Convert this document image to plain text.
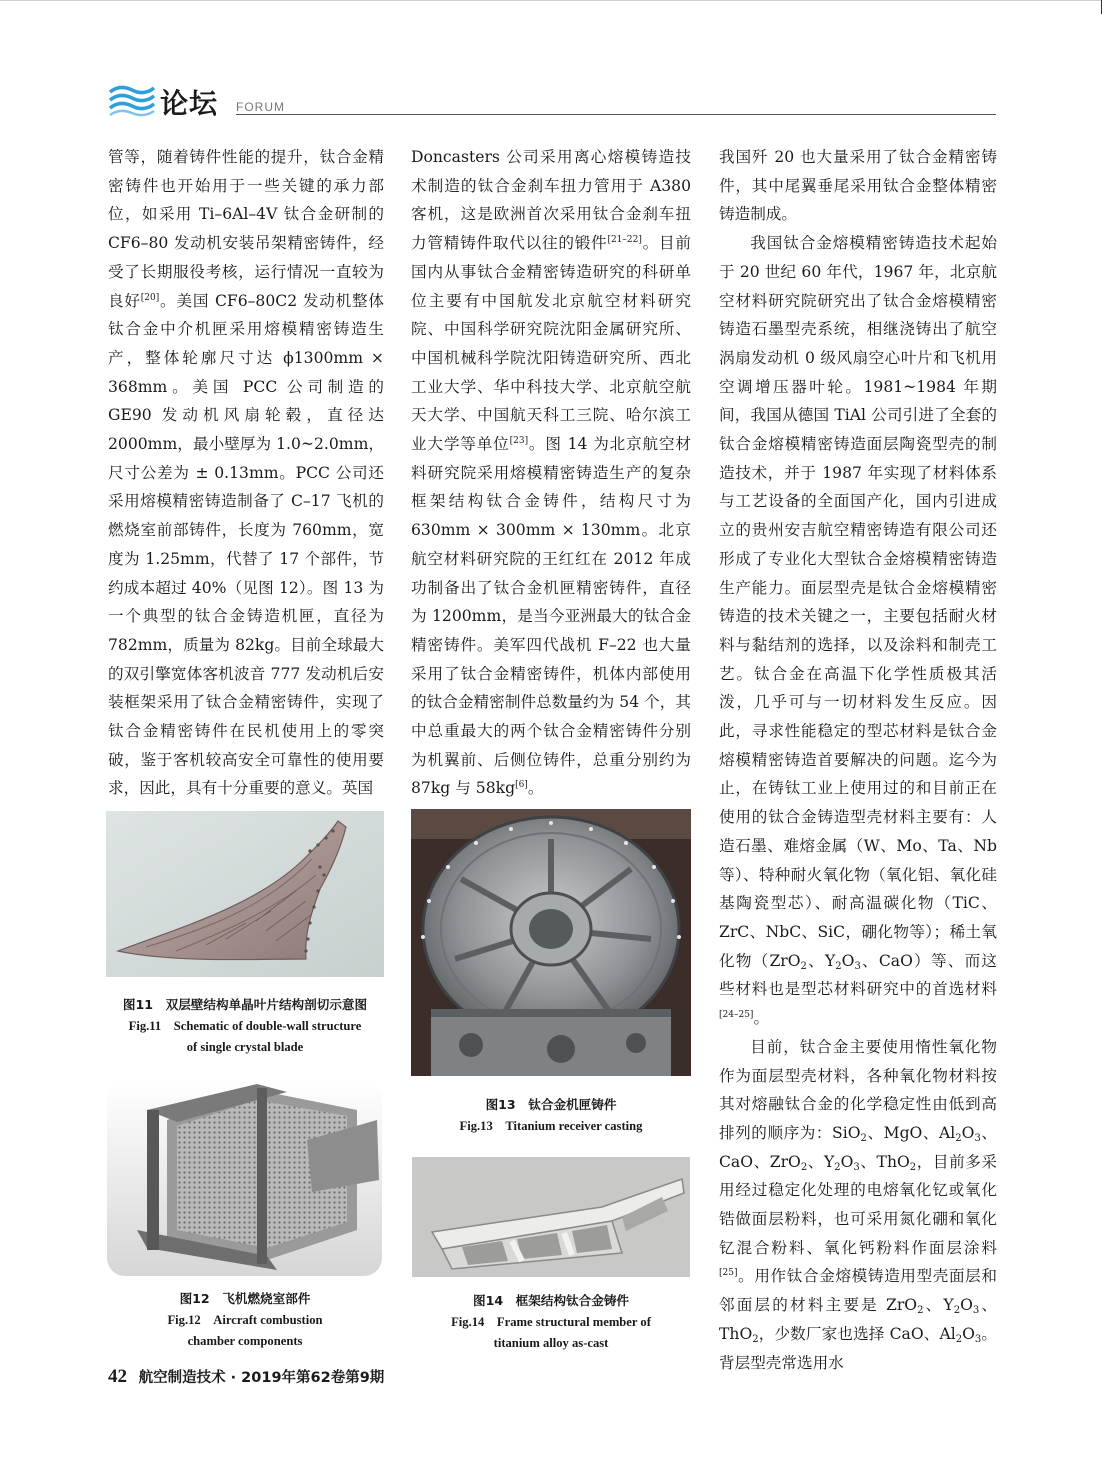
论坛 FORUM

管等，随着铸件性能的提升，钛合金精密铸件也开始用于一些关键的承力部位，如采用 Ti–6Al–4V 钛合金研制的 CF6–80 发动机安装吊架精密铸件，经受了长期服役考核，运行情况一直较为良好[20]。美国 CF6–80C2 发动机整体钛合金中介机匣采用熔模精密铸造生产，整体轮廓尺寸达 ϕ1300mm × 368mm。美国 PCC 公司制造的 GE90 发动机风扇轮毂，直径达 2000mm，最小壁厚为 1.0~2.0mm，尺寸公差为 ± 0.13mm。PCC 公司还采用熔模精密铸造制备了 C–17 飞机的燃烧室前部铸件，长度为 760mm，宽度为 1.25mm，代替了 17 个部件，节约成本超过 40%（见图 12）。图 13 为一个典型的钛合金铸造机匣，直径为 782mm，质量为 82kg。目前全球最大的双引擎宽体客机波音 777 发动机后安装框架采用了钛合金精密铸件，实现了钛合金精密铸件在民机使用上的零突破，鉴于客机较高安全可靠性的使用要求，因此，具有十分重要的意义。英国

Doncasters 公司采用离心熔模铸造技术制造的钛合金刹车扭力管用于 A380 客机，这是欧洲首次采用钛合金刹车扭力管精铸件取代以往的锻件[21–22]。目前国内从事钛合金精密铸造研究的科研单位主要有中国航发北京航空材料研究院、中国科学研究院沈阳金属研究所、中国机械科学院沈阳铸造研究所、西北工业大学、华中科技大学、北京航空航天大学、中国航天科工三院、哈尔滨工业大学等单位[23]。图 14 为北京航空材料研究院采用熔模精密铸造生产的复杂框架结构钛合金铸件，结构尺寸为 630mm × 300mm × 130mm。北京航空材料研究院的王红红在 2012 年成功制备出了钛合金机匣精密铸件，直径为 1200mm，是当今亚洲最大的钛合金精密铸件。美军四代战机 F–22 也大量采用了钛合金精密铸件，机体内部使用的钛合金精密制件总数量约为 54 个，其中总重最大的两个钛合金精密铸件分别为机翼前、后侧位铸件，总重分别约为 87kg 与 58kg[6]。

我国歼 20 也大量采用了钛合金精密铸件，其中尾翼垂尾采用钛合金整体精密铸造制成。

我国钛合金熔模精密铸造技术起始于 20 世纪 60 年代，1967 年，北京航空材料研究院研究出了钛合金熔模精密铸造石墨型壳系统，相继浇铸出了航空涡扇发动机 0 级风扇空心叶片和飞机用空调增压器叶轮。1981~1984 年期间，我国从德国 TiAl 公司引进了全套的钛合金熔模精密铸造面层陶瓷型壳的制造技术，并于 1987 年实现了材料体系与工艺设备的全面国产化，国内引进成立的贵州安吉航空精密铸造有限公司还形成了专业化大型钛合金熔模精密铸造生产能力。面层型壳是钛合金熔模精密铸造的技术关键之一，主要包括耐火材料与黏结剂的选择，以及涂料和制壳工艺。钛合金在高温下化学性质极其活泼，几乎可与一切材料发生反应。因此，寻求性能稳定的型芯材料是钛合金熔模精密铸造首要解决的问题。迄今为止，在铸钛工业上使用过的和目前正在使用的钛合金铸造型壳材料主要有：人造石墨、难熔金属（W、Mo、Ta、Nb 等）、特种耐火氧化物（氧化铝、氧化硅基陶瓷型芯）、耐高温碳化物（TiC、ZrC、NbC、SiC，硼化物等）；稀土氧化物（ZrO$_2$、$Y_2O_3$、CaO）等、而这些材料也是型芯材料研究中的首选材料[24–25]。

目前，钛合金主要使用惰性氧化物作为面层型壳材料，各种氧化物材料按其对熔融钛合金的化学稳定性由低到高排列的顺序为：SiO$_2$、MgO、$Al_2O_3$、CaO、ZrO$_2$、$Y_2O_3$、ThO$_2$，目前多采用经过稳定化处理的电熔氧化钇或氧化锆做面层粉料，也可采用氮化硼和氧化钇混合粉料、氧化钙粉料作面层涂料[25]。用作钛合金熔模铸造用型壳面层和邻面层的材料主要是 ZrO$_2$、$Y_2O_3$、ThO$_2$，少数厂家也选择 CaO、$Al_2O_3$。背层型壳常选用水

图11　双层壁结构单晶叶片结构剖切示意图
Fig.11　Schematic of double-wall structure
of single crystal blade
图12　飞机燃烧室部件
Fig.12　Aircraft combustion
chamber components
图13　钛合金机匣铸件
Fig.13　Titanium receiver casting
图14　框架结构钛合金铸件
Fig.14　Frame structural member of
titanium alloy as-cast
42 航空制造技术 · 2019年第62卷第9期
